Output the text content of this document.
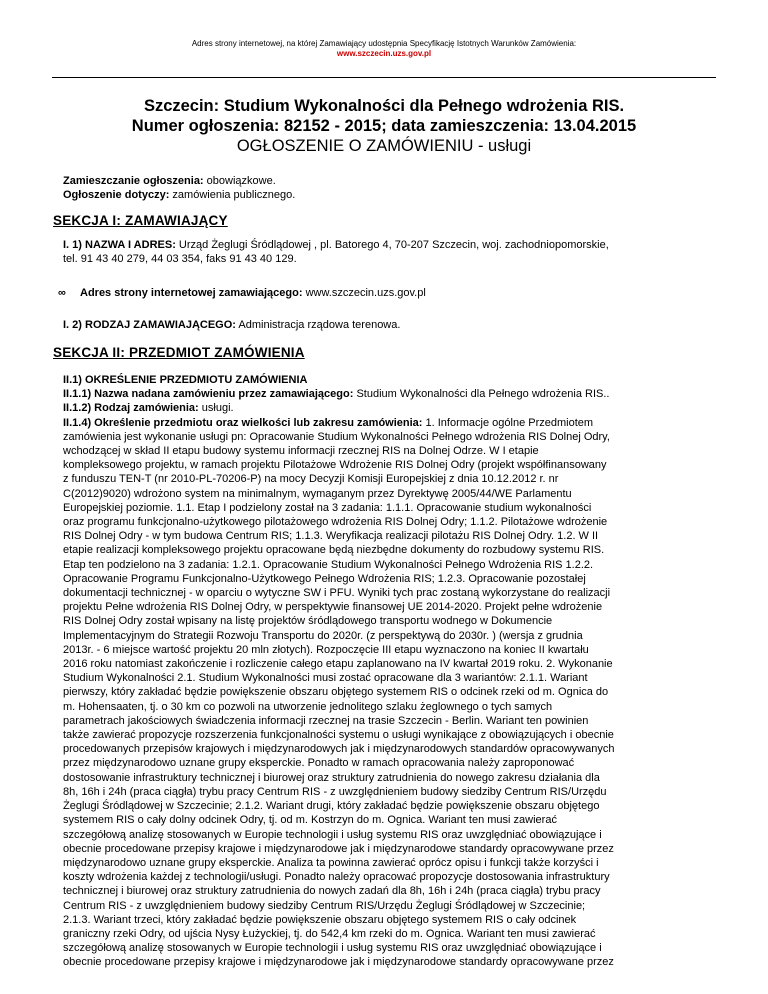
Adres strony internetowej, na której Zamawiający udostępnia Specyfikację Istotnych Warunków Zamówienia:
www.szczecin.uzs.gov.pl
Szczecin: Studium Wykonalności dla Pełnego wdrożenia RIS.
Numer ogłoszenia: 82152 - 2015; data zamieszczenia: 13.04.2015
OGŁOSZENIE O ZAMÓWIENIU - usługi
Zamieszczanie ogłoszenia: obowiązkowe.
Ogłoszenie dotyczy: zamówienia publicznego.
SEKCJA I: ZAMAWIAJĄCY
I. 1) NAZWA I ADRES: Urząd Żeglugi Śródlądowej , pl. Batorego 4, 70-207 Szczecin, woj. zachodniopomorskie,
tel. 91 43 40 279, 44 03 354, faks 91 43 40 129.
∞ Adres strony internetowej zamawiającego: www.szczecin.uzs.gov.pl
I. 2) RODZAJ ZAMAWIAJĄCEGO: Administracja rządowa terenowa.
SEKCJA II: PRZEDMIOT ZAMÓWIENIA
II.1) OKREŚLENIE PRZEDMIOTU ZAMÓWIENIA
II.1.1) Nazwa nadana zamówieniu przez zamawiającego: Studium Wykonalności dla Pełnego wdrożenia RIS..
II.1.2) Rodzaj zamówienia: usługi.
II.1.4) Określenie przedmiotu oraz wielkości lub zakresu zamówienia: 1. Informacje ogólne Przedmiotem
zamówienia jest wykonanie usługi pn: Opracowanie Studium Wykonalności Pełnego wdrożenia RIS Dolnej Odry,
wchodzącej w skład II etapu budowy systemu informacji rzecznej RIS na Dolnej Odrze. W I etapie
kompleksowego projektu, w ramach projektu Pilotażowe Wdrożenie RIS Dolnej Odry (projekt współfinansowany
z funduszu TEN-T (nr 2010-PL-70206-P) na mocy Decyzji Komisji Europejskiej z dnia 10.12.2012 r. nr
C(2012)9020) wdrożono system na minimalnym, wymaganym przez Dyrektywę 2005/44/WE Parlamentu
Europejskiej poziomie. 1.1. Etap I podzielony został na 3 zadania: 1.1.1. Opracowanie studium wykonalności
oraz programu funkcjonalno-użytkowego pilotażowego wdrożenia RIS Dolnej Odry; 1.1.2. Pilotażowe wdrożenie
RIS Dolnej Odry - w tym budowa Centrum RIS; 1.1.3. Weryfikacja realizacji pilotażu RIS Dolnej Odry. 1.2. W II
etapie realizacji kompleksowego projektu opracowane będą niezbędne dokumenty do rozbudowy systemu RIS.
Etap ten podzielono na 3 zadania: 1.2.1. Opracowanie Studium Wykonalności Pełnego Wdrożenia RIS 1.2.2.
Opracowanie Programu Funkcjonalno-Użytkowego Pełnego Wdrożenia RIS; 1.2.3. Opracowanie pozostałej
dokumentacji technicznej - w oparciu o wytyczne SW i PFU. Wyniki tych prac zostaną wykorzystane do realizacji
projektu Pełne wdrożenia RIS Dolnej Odry, w perspektywie finansowej UE 2014-2020. Projekt pełne wdrożenie
RIS Dolnej Odry został wpisany na listę projektów śródlądowego transportu wodnego w Dokumencie
Implementacyjnym do Strategii Rozwoju Transportu do 2020r. (z perspektywą do 2030r. ) (wersja z grudnia
2013r. - 6 miejsce wartość projektu 20 mln złotych). Rozpoczęcie III etapu wyznaczono na koniec II kwartału
2016 roku natomiast zakończenie i rozliczenie całego etapu zaplanowano na IV kwartał 2019 roku. 2. Wykonanie
Studium Wykonalności 2.1. Studium Wykonalności musi zostać opracowane dla 3 wariantów: 2.1.1. Wariant
pierwszy, który zakładać będzie powiększenie obszaru objętego systemem RIS o odcinek rzeki od m. Ognica do
m. Hohensaaten, tj. o 30 km co pozwoli na utworzenie jednolitego szlaku żeglownego o tych samych
parametrach jakościowych świadczenia informacji rzecznej na trasie Szczecin - Berlin. Wariant ten powinien
także zawierać propozycje rozszerzenia funkcjonalności systemu o usługi wynikające z obowiązujących i obecnie
procedowanych przepisów krajowych i międzynarodowych jak i międzynarodowych standardów opracowywanych
przez międzynarodowo uznane grupy eksperckie. Ponadto w ramach opracowania należy zaproponować
dostosowanie infrastruktury technicznej i biurowej oraz struktury zatrudnienia do nowego zakresu działania dla
8h, 16h i 24h (praca ciągła) trybu pracy Centrum RIS - z uwzględnieniem budowy siedziby Centrum RIS/Urzędu
Żeglugi Śródlądowej w Szczecinie; 2.1.2. Wariant drugi, który zakładać będzie powiększenie obszaru objętego
systemem RIS o cały dolny odcinek Odry, tj. od m. Kostrzyn do m. Ognica. Wariant ten musi zawierać
szczegółową analizę stosowanych w Europie technologii i usług systemu RIS oraz uwzględniać obowiązujące i
obecnie procedowane przepisy krajowe i międzynarodowe jak i międzynarodowe standardy opracowywane przez
międzynarodowo uznane grupy eksperckie. Analiza ta powinna zawierać oprócz opisu i funkcji także korzyści i
koszty wdrożenia każdej z technologii/usługi. Ponadto należy opracować propozycje dostosowania infrastruktury
technicznej i biurowej oraz struktury zatrudnienia do nowych zadań dla 8h, 16h i 24h (praca ciągła) trybu pracy
Centrum RIS - z uwzględnieniem budowy siedziby Centrum RIS/Urzędu Żeglugi Śródlądowej w Szczecinie;
2.1.3. Wariant trzeci, który zakładać będzie powiększenie obszaru objętego systemem RIS o cały odcinek
graniczny rzeki Odry, od ujścia Nysy Łużyckiej, tj. do 542,4 km rzeki do m. Ognica. Wariant ten musi zawierać
szczegółową analizę stosowanych w Europie technologii i usług systemu RIS oraz uwzględniać obowiązujące i
obecnie procedowane przepisy krajowe i międzynarodowe jak i międzynarodowe standardy opracowywane przez
